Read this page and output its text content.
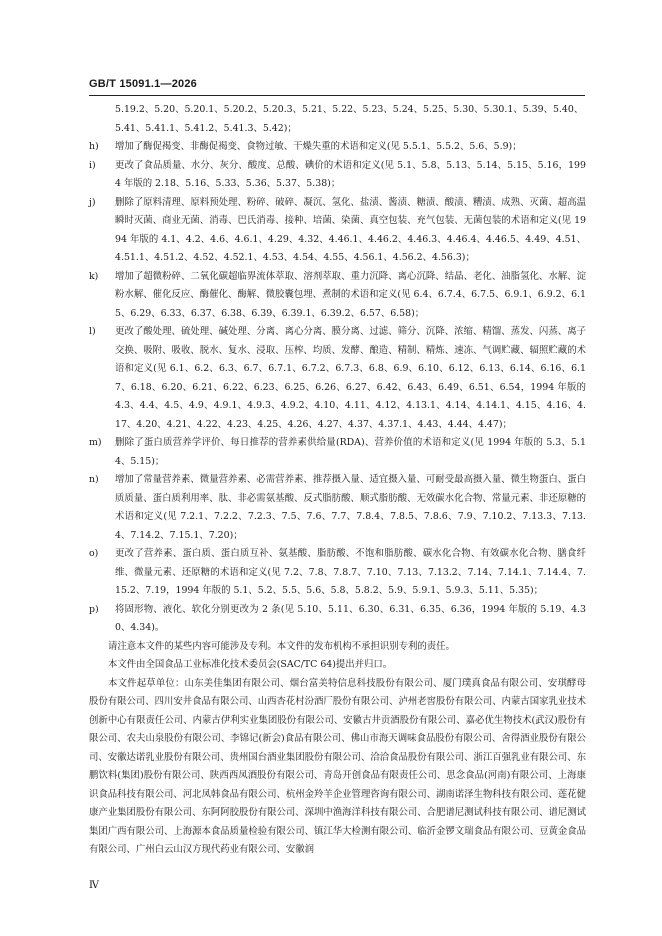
GB/T 15091.1—2026
5.19.2、5.20、5.20.1、5.20.2、5.20.3、5.21、5.22、5.23、5.24、5.25、5.30、5.30.1、5.39、5.40、5.41、5.41.1、5.41.2、5.41.3、5.42)；
h)	增加了酶促褐变、非酶促褐变、食物过敏、干燥失重的术语和定义(见 5.5.1、5.5.2、5.6、5.9)；
i)	更改了食品质量、水分、灰分、酸度、总酸、碘价的术语和定义(见 5.1、5.8、5.13、5.14、5.15、5.16，1994 年版的 2.18、5.16、5.33、5.36、5.37、5.38)；
j)	删除了原料清理、原料预处理、粉碎、破碎、凝沉、氢化、盐渍、酱渍、糖渍、酸渍、糟渍、成熟、灭菌、超高温瞬时灭菌、商业无菌、消毒、巴氏消毒、接种、培菌、染菌、真空包装、充气包装、无菌包装的术语和定义(见 1994 年版的 4.1、4.2、4.6、4.6.1、4.29、4.32、4.46.1、4.46.2、4.46.3、4.46.4、4.46.5、4.49、4.51、4.51.1、4.51.2、4.52、4.52.1、4.53、4.54、4.55、4.56.1、4.56.2、4.56.3)；
k)	增加了超微粉碎、二氧化碳超临界流体萃取、溶剂萃取、重力沉降、离心沉降、结晶、老化、油脂氢化、水解、淀粉水解、催化反应、酶催化、酶解、微胶囊包埋、煮制的术语和定义(见 6.4、6.7.4、6.7.5、6.9.1、6.9.2、6.15、6.29、6.33、6.37、6.38、6.39、6.39.1、6.39.2、6.57、6.58)；
l)	更改了酸处理、硫处理、碱处理、分离、离心分离、膜分离、过滤、筛分、沉降、浓缩、精馏、蒸发、闪蒸、离子交换、吸附、吸收、脱水、复水、浸取、压榨、均质、发酵、酿造、精制、精炼、速冻、气调贮藏、辐照贮藏的术语和定义(见 6.1、6.2、6.3、6.7、6.7.1、6.7.2、6.7.3、6.8、6.9、6.10、6.12、6.13、6.14、6.16、6.17、6.18、6.20、6.21、6.22、6.23、6.25、6.26、6.27、6.42、6.43、6.49、6.51、6.54，1994 年版的 4.3、4.4、4.5、4.9、4.9.1、4.9.3、4.9.2、4.10、4.11、4.12、4.13.1、4.14、4.14.1、4.15、4.16、4.17、4.20、4.21、4.22、4.23、4.25、4.26、4.27、4.37、4.37.1、4.43、4.44、4.47)；
m)	删除了蛋白质营养学评价、每日推荐的营养素供给量(RDA)、营养价值的术语和定义(见 1994 年版的 5.3、5.14、5.15)；
n)	增加了常量营养素、微量营养素、必需营养素、推荐摄入量、适宜摄入量、可耐受最高摄入量、微生物蛋白、蛋白质质量、蛋白质利用率、肽、非必需氨基酸、反式脂肪酸、顺式脂肪酸、无效碳水化合物、常量元素、非还原糖的术语和定义(见 7.2.1、7.2.2、7.2.3、7.5、7.6、7.7、7.8.4、7.8.5、7.8.6、7.9、7.10.2、7.13.3、7.13.4、7.14.2、7.15.1、7.20)；
o)	更改了营养素、蛋白质、蛋白质互补、氨基酸、脂肪酸、不饱和脂肪酸、碳水化合物、有效碳水化合物、膳食纤维、微量元素、还原糖的术语和定义(见 7.2、7.8、7.8.7、7.10、7.13、7.13.2、7.14、7.14.1、7.14.4、7.15.2、7.19，1994 年版的 5.1、5.2、5.5、5.6、5.8、5.8.2、5.9、5.9.1、5.9.3、5.11、5.35)；
p)	将固形物、液化、软化分别更改为 2 条(见 5.10、5.11、6.30、6.31、6.35、6.36，1994 年版的 5.19、4.30、4.34)。
请注意本文件的某些内容可能涉及专利。本文件的发布机构不承担识别专利的责任。
本文件由全国食品工业标准化技术委员会(SAC/TC 64)提出并归口。
本文件起草单位：山东美佳集团有限公司、烟台富美特信息科技股份有限公司、厦门璞真食品有限公司、安琪酵母股份有限公司、四川安井食品有限公司、山西杏花村汾酒厂股份有限公司、泸州老窖股份有限公司、内蒙古国家乳业技术创新中心有限责任公司、内蒙古伊利实业集团股份有限公司、安徽古井贡酒股份有限公司、嘉必优生物技术(武汉)股份有限公司、农夫山泉股份有限公司、李锦记(新会)食品有限公司、佛山市海天调味食品股份有限公司、舍得酒业股份有限公司、安徽达诺乳业股份有限公司、贵州国台酒业集团股份有限公司、洽洽食品股份有限公司、浙江百强乳业有限公司、东鹏饮料(集团)股份有限公司、陕西西凤酒股份有限公司、青岛开创食品有限责任公司、思念食品(河南)有限公司、上海康识食品科技有限公司、河北凤韩食品有限公司、杭州金羚羊企业管理咨询有限公司、湖南诺泽生物科技有限公司、莲花健康产业集团股份有限公司、东阿阿胶股份有限公司、深圳中渔海洋科技有限公司、合肥谱尼测试科技有限公司、谱尼测试集团广西有限公司、上海源本食品质量检验有限公司、镇江华大检测有限公司、临沂金锣文瑞食品有限公司、豆黄金食品有限公司、广州白云山汉方现代药业有限公司、安徽润
Ⅳ
